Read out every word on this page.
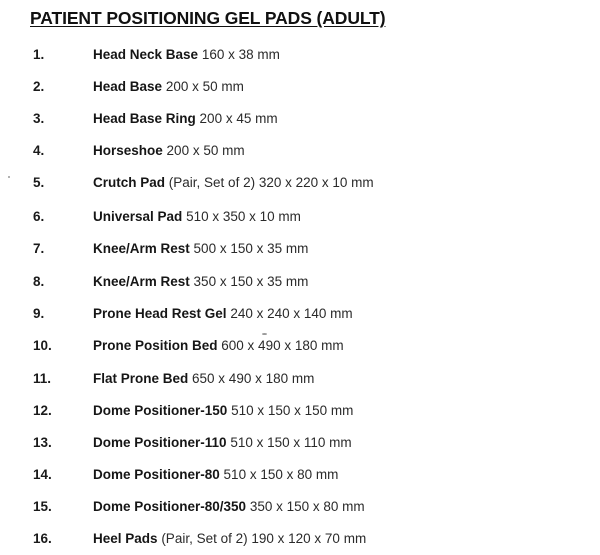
PATIENT POSITIONING GEL PADS (ADULT)
1.	Head Neck Base 160 x 38 mm
2.	Head Base 200 x 50 mm
3.	Head Base Ring 200 x 45 mm
4.	Horseshoe 200 x 50 mm
5.	Crutch Pad (Pair, Set of 2) 320 x 220 x 10 mm
6.	Universal Pad 510 x 350 x 10 mm
7.	Knee/Arm Rest 500 x 150 x 35 mm
8.	Knee/Arm Rest 350 x 150 x 35 mm
9.	Prone Head Rest Gel 240 x 240 x 140 mm
10.	Prone Position Bed 600 x 490 x 180 mm
11.	Flat Prone Bed 650 x 490 x 180 mm
12.	Dome Positioner-150 510 x 150 x 150 mm
13.	Dome Positioner-110 510 x 150 x 110 mm
14.	Dome Positioner-80 510 x 150 x 80 mm
15.	Dome Positioner-80/350 350 x 150 x 80 mm
16.	Heel Pads (Pair, Set of 2) 190 x 120 x 70 mm
